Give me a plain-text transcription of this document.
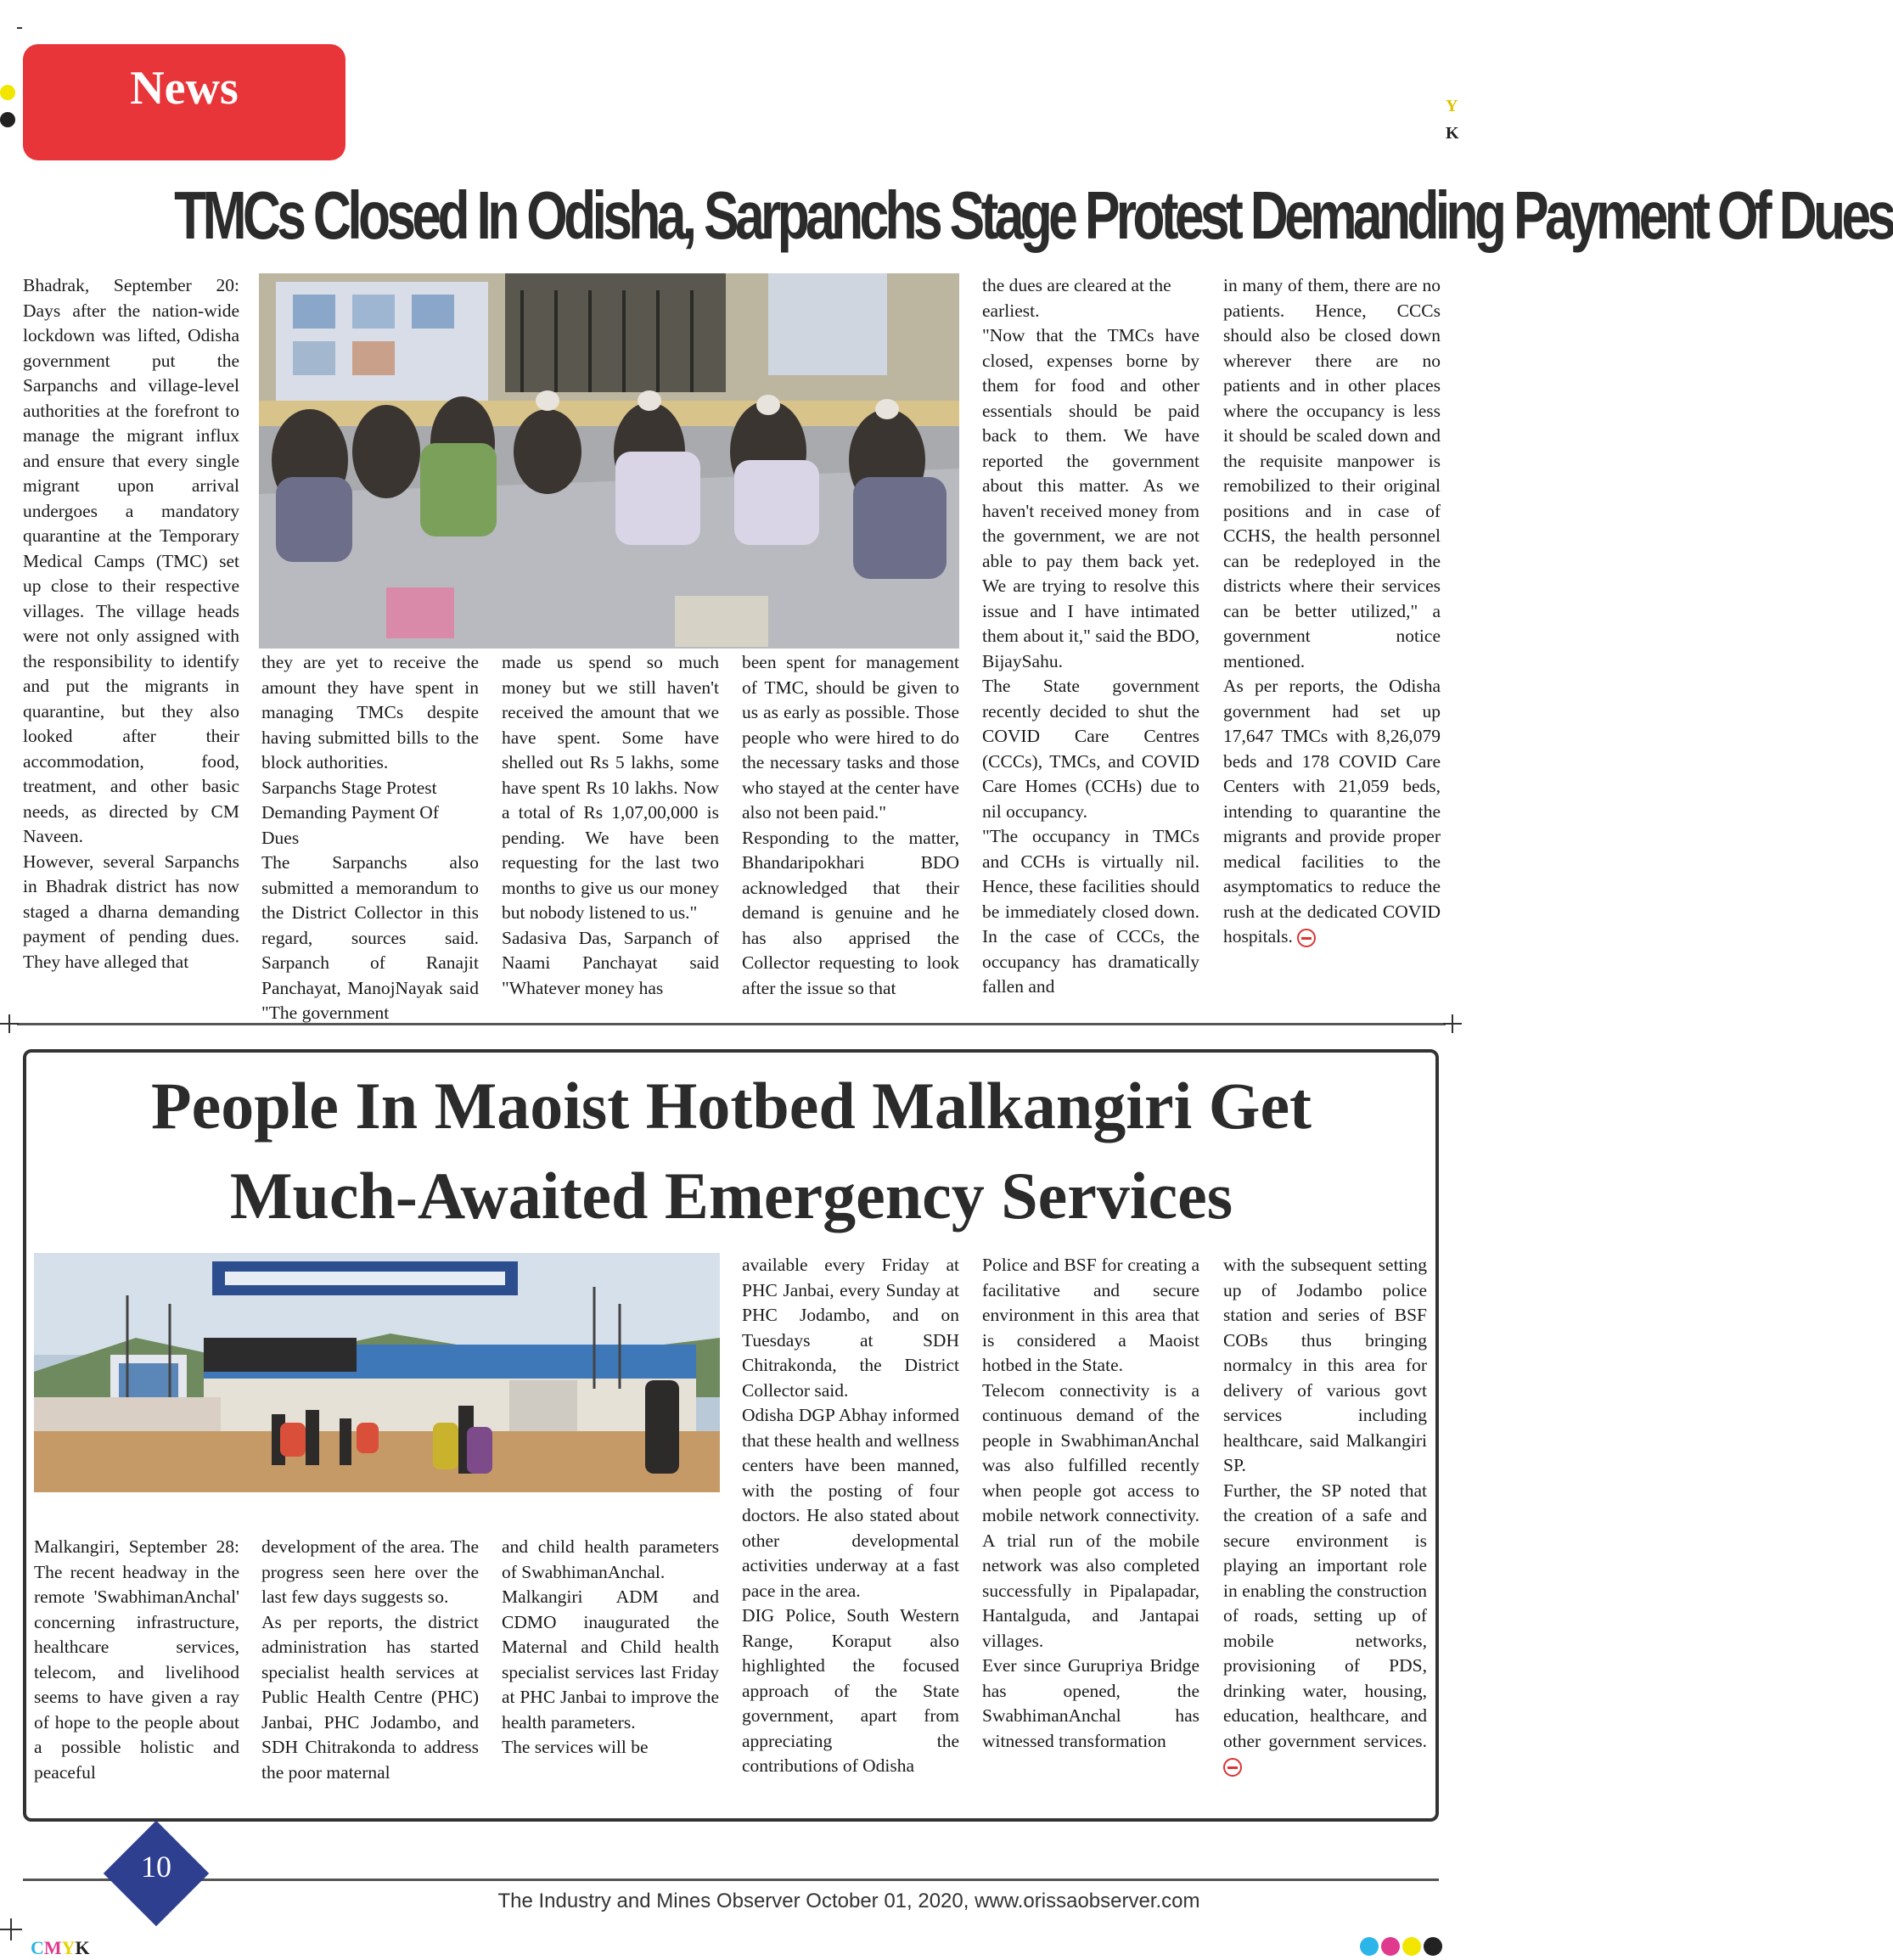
Y
K
News
TMCs Closed In Odisha, Sarpanchs Stage Protest Demanding Payment Of Dues

Bhadrak, September 20: Days after the nation-wide lockdown was lifted, Odisha government put the Sarpanchs and village-level authorities at the forefront to manage the migrant influx and ensure that every single migrant upon arrival undergoes a mandatory quarantine at the Temporary Medical Camps (TMC) set up close to their respective villages. The village heads were not only assigned with the responsibility to identify and put the migrants in quarantine, but they also looked after their accommodation, food, treatment, and other basic needs, as directed by CM Naveen.

However, several Sarpanchs in Bhadrak district has now staged a dharna demanding payment of pending dues. They have alleged that

they are yet to receive the amount they have spent in managing TMCs despite having submitted bills to the block authorities.

Sarpanchs Stage Protest Demanding Payment Of Dues

The Sarpanchs also submitted a memorandum to the District Collector in this regard, sources said. Sarpanch of Ranajit Panchayat, ManojNayak said "The government

made us spend so much money but we still haven't received the amount that we have spent. Some have shelled out Rs 5 lakhs, some have spent Rs 10 lakhs. Now a total of Rs 1,07,00,000 is pending. We have been requesting for the last two months to give us our money but nobody listened to us."

Sadasiva Das, Sarpanch of Naami Panchayat said "Whatever money has

been spent for management of TMC, should be given to us as early as possible. Those people who were hired to do the necessary tasks and those who stayed at the center have also not been paid."

Responding to the matter, Bhandaripokhari BDO acknowledged that their demand is genuine and he has also apprised the Collector requesting to look after the issue so that

the dues are cleared at the earliest.

"Now that the TMCs have closed, expenses borne by them for food and other essentials should be paid back to them. We have reported the government about this matter. As we haven't received money from the government, we are not able to pay them back yet. We are trying to resolve this issue and I have intimated them about it," said the BDO, BijaySahu.

The State government recently decided to shut the COVID Care Centres (CCCs), TMCs, and COVID Care Homes (CCHs) due to nil occupancy.

"The occupancy in TMCs and CCHs is virtually nil. Hence, these facilities should be immediately closed down. In the case of CCCs, the occupancy has dramatically fallen and

in many of them, there are no patients. Hence, CCCs should also be closed down wherever there are no patients and in other places where the occupancy is less it should be scaled down and the requisite manpower is remobilized to their original positions and in case of CCHS, the health personnel can be redeployed in the districts where their services can be better utilized," a government notice mentioned.

As per reports, the Odisha government had set up 17,647 TMCs with 8,26,079 beds and 178 COVID Care Centers with 21,059 beds, intending to quarantine the migrants and provide proper medical facilities to the asymptomatics to reduce the rush at the dedicated COVID hospitals.

People In Maoist Hotbed Malkangiri Get
Much-Awaited Emergency Services

Malkangiri, September 28: The recent headway in the remote 'SwabhimanAnchal' concerning infrastructure, healthcare services, telecom, and livelihood seems to have given a ray of hope to the people about a possible holistic and peaceful

development of the area. The progress seen here over the last few days suggests so.

As per reports, the district administration has started specialist health services at Public Health Centre (PHC) Janbai, PHC Jodambo, and SDH Chitrakonda to address the poor maternal

and child health parameters of SwabhimanAnchal.

Malkangiri ADM and CDMO inaugurated the Maternal and Child health specialist services last Friday at PHC Janbai to improve the health parameters.

The services will be

available every Friday at PHC Janbai, every Sunday at PHC Jodambo, and on Tuesdays at SDH Chitrakonda, the District Collector said.

Odisha DGP Abhay informed that these health and wellness centers have been manned, with the posting of four doctors. He also stated about other developmental activities underway at a fast pace in the area.

DIG Police, South Western Range, Koraput also highlighted the focused approach of the State government, apart from appreciating the contributions of Odisha

Police and BSF for creating a facilitative and secure environment in this area that is considered a Maoist hotbed in the State.

Telecom connectivity is a continuous demand of the people in SwabhimanAnchal was also fulfilled recently when people got access to mobile network connectivity. A trial run of the mobile network was also completed successfully in Pipalapadar, Hantalguda, and Jantapai villages.

Ever since Gurupriya Bridge has opened, the SwabhimanAnchal has witnessed transformation

with the subsequent setting up of Jodambo police station and series of BSF COBs thus bringing normalcy in this area for delivery of various govt services including healthcare, said Malkangiri SP.

Further, the SP noted that the creation of a safe and secure environment is playing an important role in enabling the construction of roads, setting up of mobile networks, provisioning of PDS, drinking water, housing, education, healthcare, and other government services.

10
The Industry and Mines Observer October 01, 2020, www.orissaobserver.com
CMYK
